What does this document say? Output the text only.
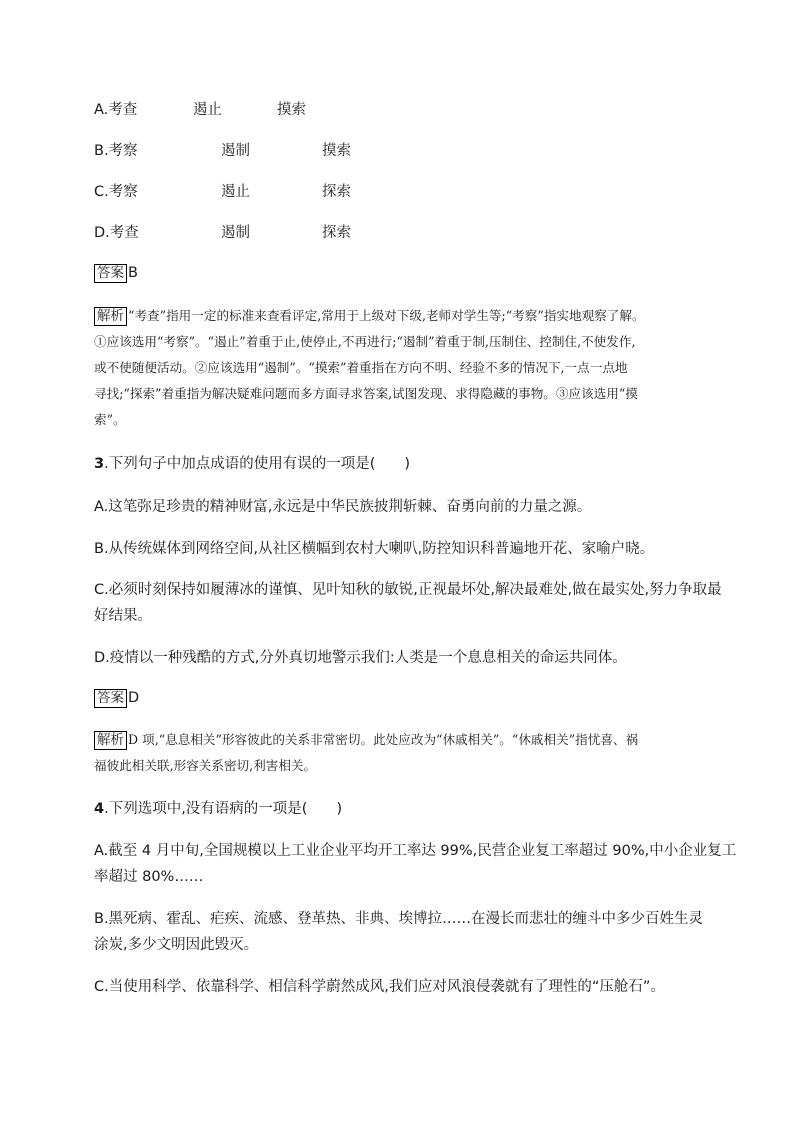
A.考查	遏止	摸索
B.考察	遏制	摸索
C.考察	遏止	探索
D.考查	遏制	探索
答案 B
解析 “考查”指用一定的标准来查看评定,常用于上级对下级,老师对学生等;“考察”指实地观察了解。
①应该选用“考察”。“遏止”着重于止,使停止,不再进行;“遏制”着重于制,压制住、控制住,不使发作,
或不使随便活动。②应该选用“遏制”。“摸索”着重指在方向不明、经验不多的情况下,一点一点地
寻找;“探索”着重指为解决疑难问题而多方面寻求答案,试图发现、求得隐藏的事物。③应该选用“摸
索”。
3.下列句子中加点成语的使用有误的一项是(　　)
A.这笔弥足珍贵的精神财富,永远是中华民族披荆斩棘、奋勇向前的力量之源。
B.从传统媒体到网络空间,从社区横幅到农村大喇叭,防控知识科普遍地开花、家喻户晓。
C.必须时刻保持如履薄冰的谨慎、见叶知秋的敏锐,正视最坏处,解决最难处,做在最实处,努力争取最
好结果。
D.疫情以一种残酷的方式,分外真切地警示我们:人类是一个息息相关的命运共同体。
答案 D
解析 D 项,“息息相关”形容彼此的关系非常密切。此处应改为“休戚相关”。“休戚相关”指忧喜、祸
福彼此相关联,形容关系密切,利害相关。
4.下列选项中,没有语病的一项是(　　)
A.截至 4 月中旬,全国规模以上工业企业平均开工率达 99%,民营企业复工率超过 90%,中小企业复工
率超过 80%……
B.黑死病、霍乱、疟疾、流感、登革热、非典、埃博拉……在漫长而悲壮的缠斗中多少百姓生灵
涂炭,多少文明因此毁灭。
C.当使用科学、依靠科学、相信科学蔚然成风,我们应对风浪侵袭就有了理性的“压舱石”。
